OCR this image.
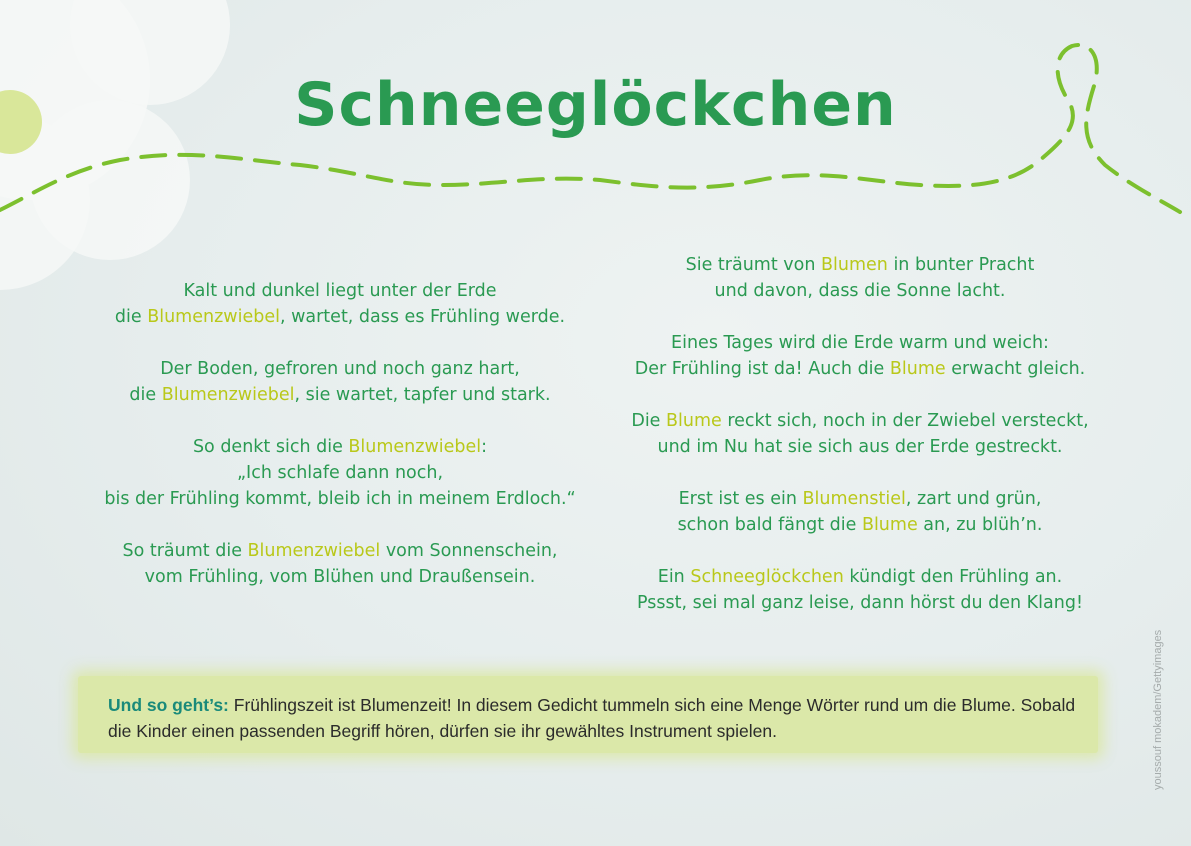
Schneeglöckchen
Kalt und dunkel liegt unter der Erde
die Blumenzwiebel, wartet, dass es Frühling werde.
Der Boden, gefroren und noch ganz hart,
die Blumenzwiebel, sie wartet, tapfer und stark.
So denkt sich die Blumenzwiebel:
„Ich schlafe dann noch,
bis der Frühling kommt, bleib ich in meinem Erdloch.“
So träumt die Blumenzwiebel vom Sonnenschein,
vom Frühling, vom Blühen und Draußensein.
Sie träumt von Blumen in bunter Pracht
und davon, dass die Sonne lacht.
Eines Tages wird die Erde warm und weich:
Der Frühling ist da! Auch die Blume erwacht gleich.
Die Blume reckt sich, noch in der Zwiebel versteckt,
und im Nu hat sie sich aus der Erde gestreckt.
Erst ist es ein Blumenstiel, zart und grün,
schon bald fängt die Blume an, zu blüh’n.
Ein Schneeglöckchen kündigt den Frühling an.
Pssst, sei mal ganz leise, dann hörst du den Klang!
Und so geht’s: Frühlingszeit ist Blumenzeit! In diesem Gedicht tummeln sich eine Menge Wörter rund um die Blume. Sobald die Kinder einen passenden Begriff hören, dürfen sie ihr gewähltes Instrument spielen.	youssouf mokadem/Gettyimages
